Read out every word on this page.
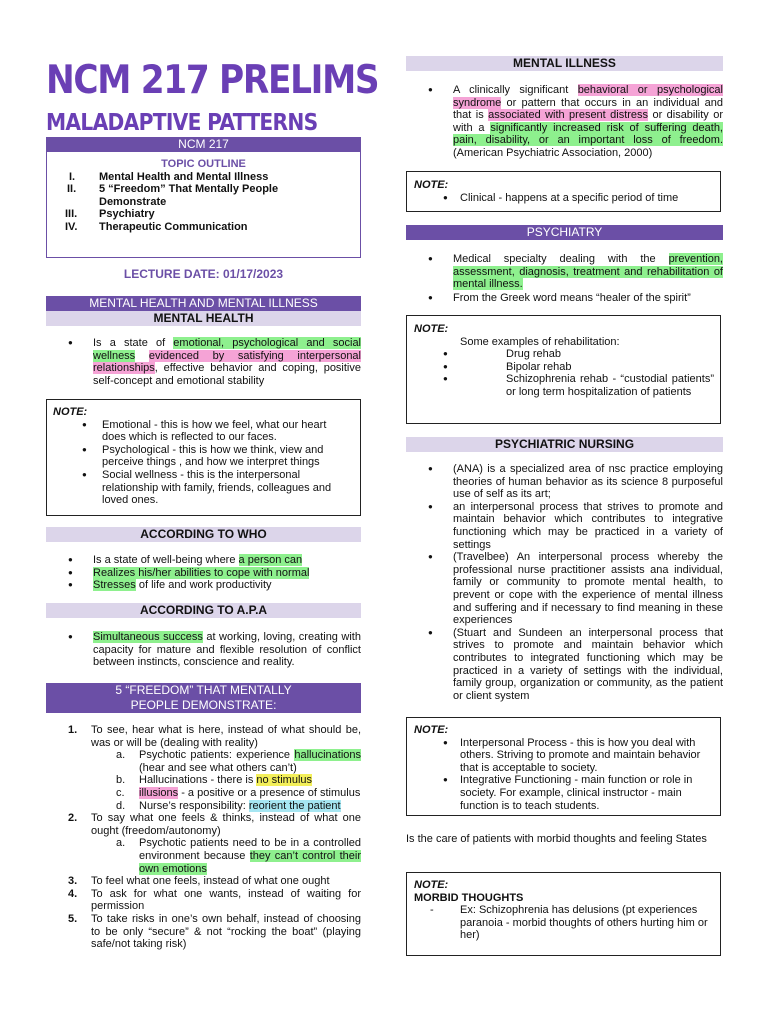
NCM 217 PRELIMS
MALADAPTIVE PATTERNS
NCM 217
TOPIC OUTLINE
I. Mental Health and Mental Illness
II. 5 “Freedom” That Mentally People Demonstrate
III. Psychiatry
IV. Therapeutic Communication
LECTURE DATE: 01/17/2023
MENTAL HEALTH AND MENTAL ILLNESS
MENTAL HEALTH
● Is a state of emotional, psychological and social wellness evidenced by satisfying interpersonal relationships, effective behavior and coping, positive self-concept and emotional stability
NOTE:
● Emotional - this is how we feel, what our heart does which is reflected to our faces.
● Psychological - this is how we think, view and perceive things , and how we interpret things
● Social wellness - this is the interpersonal relationship with family, friends, colleagues and loved ones.
ACCORDING TO WHO
● Is a state of well-being where a person can
● Realizes his/her abilities to cope with normal
● Stresses of life and work productivity
ACCORDING TO A.P.A
● Simultaneous success at working, loving, creating with capacity for mature and flexible resolution of conflict between instincts, conscience and reality.
5 “FREEDOM” THAT MENTALLY PEOPLE DEMONSTRATE:
1. To see, hear what is here, instead of what should be, was or will be (dealing with reality)
a. Psychotic patients: experience hallucinations (hear and see what others can’t)
b. Hallucinations - there is no stimulus
c. illusions - a positive or a presence of stimulus
d. Nurse’s responsibility: reorient the patient
2. To say what one feels & thinks, instead of what one ought (freedom/autonomy)
a. Psychotic patients need to be in a controlled environment because they can’t control their own emotions
3. To feel what one feels, instead of what one ought
4. To ask for what one wants, instead of waiting for permission
5. To take risks in one’s own behalf, instead of choosing to be only “secure” & not “rocking the boat” (playing safe/not taking risk)
MENTAL ILLNESS
● A clinically significant behavioral or psychological syndrome or pattern that occurs in an individual and that is associated with present distress or disability or with a significantly increased risk of suffering death, pain, disability, or an important loss of freedom. (American Psychiatric Association, 2000)
NOTE:
● Clinical - happens at a specific period of time
PSYCHIATRY
● Medical specialty dealing with the prevention, assessment, diagnosis, treatment and rehabilitation of mental illness.
● From the Greek word means “healer of the spirit”
NOTE:
Some examples of rehabilitation:
● Drug rehab
● Bipolar rehab
● Schizophrenia rehab - “custodial patients” or long term hospitalization of patients
PSYCHIATRIC NURSING
● (ANA) is a specialized area of nsc practice employing theories of human behavior as its science 8 purposeful use of self as its art;
● an interpersonal process that strives to promote and maintain behavior which contributes to integrative functioning which may be practiced in a variety of settings
● (Travelbee) An interpersonal process whereby the professional nurse practitioner assists ana individual, family or community to promote mental health, to prevent or cope with the experience of mental illness and suffering and if necessary to find meaning in these experiences
● (Stuart and Sundeen an interpersonal process that strives to promote and maintain behavior which contributes to integrated functioning which may be practiced in a variety of settings with the individual, family group, organization or community, as the patient or client system
NOTE:
● Interpersonal Process - this is how you deal with others. Striving to promote and maintain behavior that is acceptable to society.
● Integrative Functioning - main function or role in society. For example, clinical instructor - main function is to teach students.
Is the care of patients with morbid thoughts and feeling States
NOTE:
MORBID THOUGHTS
- Ex: Schizophrenia has delusions (pt experiences paranoia - morbid thoughts of others hurting him or her)
